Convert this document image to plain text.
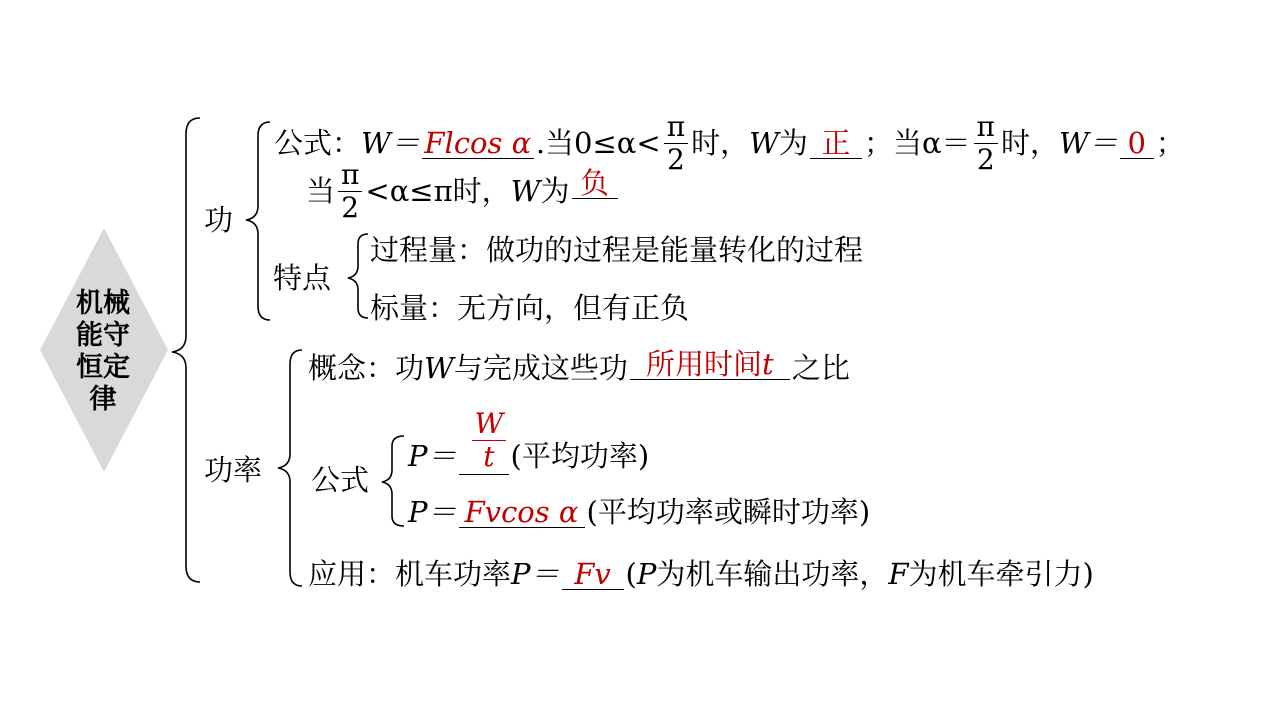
机械
能守
恒定
律
功
公式： W＝ Flcos α .当$0\le\alpha< \frac{\pi}{2}$ 时， W 为 正 ；当$\alpha= \frac{\pi}{2}$ 时， W＝ 0 ；
当 $\frac{\pi}{2} <\alpha\le\pi$时， W 为 负
特点
过程量：做功的过程是能量转化的过程
标量：无方向，但有正负
功率
概念：功 W 与完成这些功 所用时间t 之比
公式
$P= \frac{W}{t}$ (平均功率)
P＝ Fvcos α (平均功率或瞬时功率)
应用：机车功率 P＝ Fv ( P 为机车输出功率， F 为机车牵引力)
